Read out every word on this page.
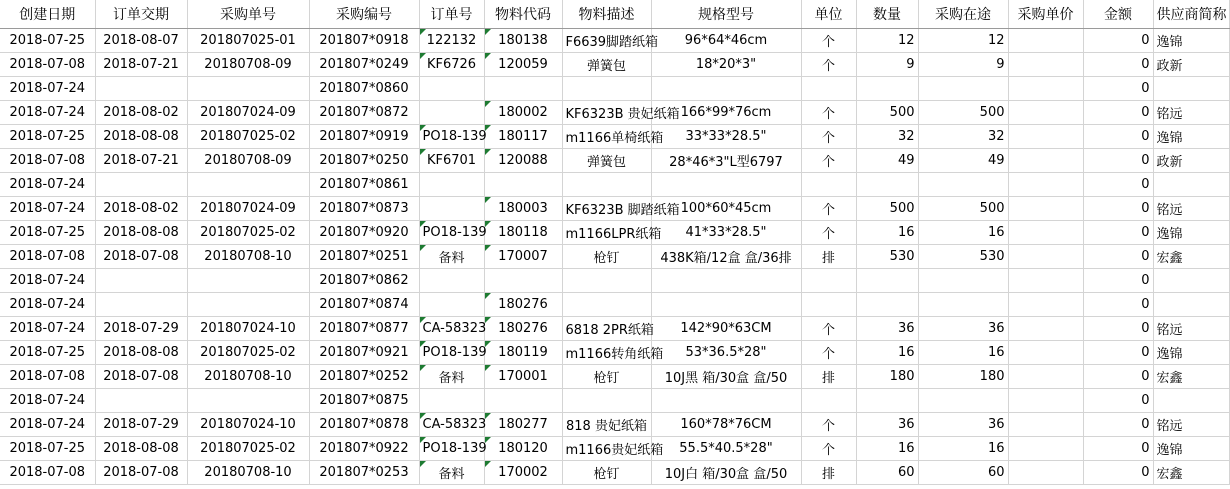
创建日期	订单交期	采购单号	采购编号	订单号	物料代码	物料描述	规格型号	单位	数量	采购在途	采购单价	金额	供应商简称
2018-07-25	2018-08-07	201807025-01	201807*0918	122132	180138	F6639脚踏纸箱	96*64*46cm	个	12	12		0	逸锦
2018-07-08	2018-07-21	20180708-09	201807*0249	KF6726	120059	弹簧包	18*20*3"	个	9	9		0	政新
2018-07-24			201807*0860									0	
2018-07-24	2018-08-02	201807024-09	201807*0872		180002	KF6323B 贵妃纸箱	166*99*76cm	个	500	500		0	铭远
2018-07-25	2018-08-08	201807025-02	201807*0919	PO18-139	180117	m1166单椅纸箱	33*33*28.5"	个	32	32		0	逸锦
2018-07-08	2018-07-21	20180708-09	201807*0250	KF6701	120088	弹簧包	28*46*3"L型6797	个	49	49		0	政新
2018-07-24			201807*0861									0	
2018-07-24	2018-08-02	201807024-09	201807*0873		180003	KF6323B 脚踏纸箱	100*60*45cm	个	500	500		0	铭远
2018-07-25	2018-08-08	201807025-02	201807*0920	PO18-139	180118	m1166LPR纸箱	41*33*28.5"	个	16	16		0	逸锦
2018-07-08	2018-07-08	20180708-10	201807*0251	备料	170007	枪钉	438K箱/12盒 盒/36排	排	530	530		0	宏鑫
2018-07-24			201807*0862									0	
2018-07-24			201807*0874		180276							0	
2018-07-24	2018-07-29	201807024-10	201807*0877	CA-58323	180276	6818 2PR纸箱	142*90*63CM	个	36	36		0	铭远
2018-07-25	2018-08-08	201807025-02	201807*0921	PO18-139	180119	m1166转角纸箱	53*36.5*28"	个	16	16		0	逸锦
2018-07-08	2018-07-08	20180708-10	201807*0252	备料	170001	枪钉	10J黑 箱/30盒 盒/50	排	180	180		0	宏鑫
2018-07-24			201807*0875									0	
2018-07-24	2018-07-29	201807024-10	201807*0878	CA-58323	180277	818 贵妃纸箱	160*78*76CM	个	36	36		0	铭远
2018-07-25	2018-08-08	201807025-02	201807*0922	PO18-139	180120	m1166贵妃纸箱	55.5*40.5*28"	个	16	16		0	逸锦
2018-07-08	2018-07-08	20180708-10	201807*0253	备料	170002	枪钉	10J白 箱/30盒 盒/50	排	60	60		0	宏鑫
